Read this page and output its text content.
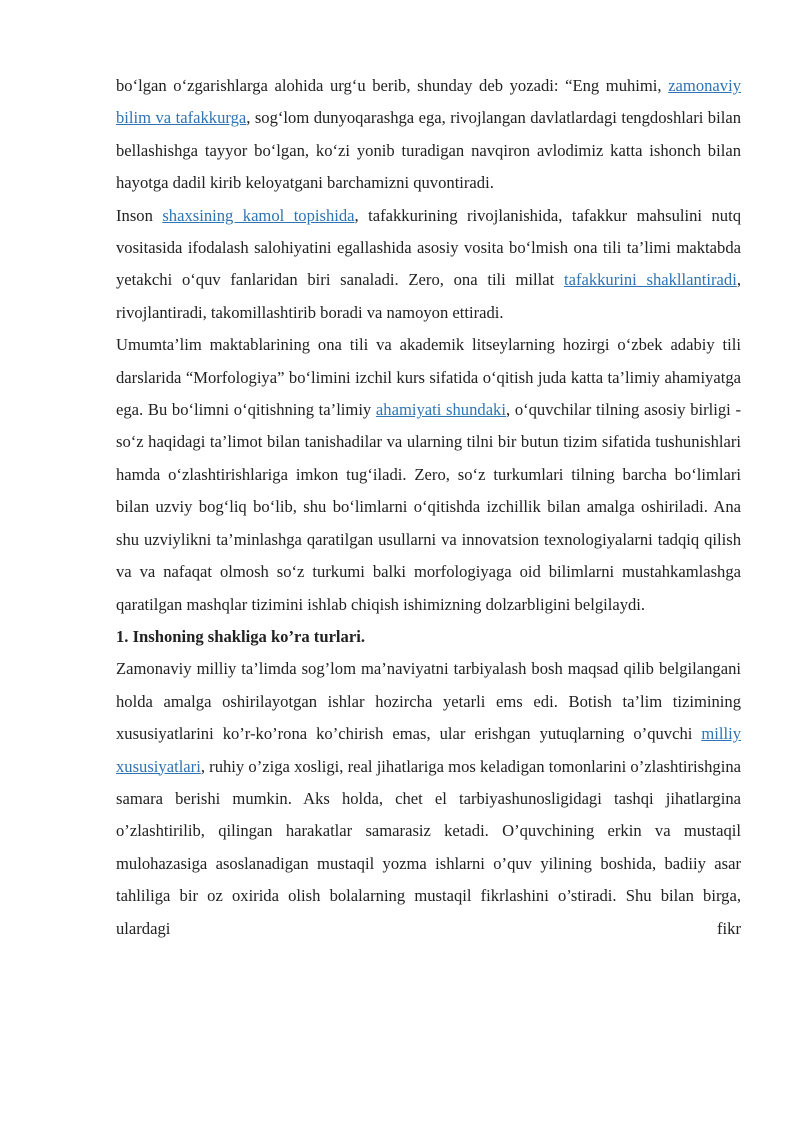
bo‘lgan o‘zgarishlarga alohida urg‘u berib, shunday deb yozadi: “Eng muhimi, zamonaviy bilim va tafakkurga, sog‘lom dunyoqarashga ega, rivojlangan davlatlardagi tengdoshlari bilan bellashishga tayyor bo‘lgan, ko‘zi yonib turadigan navqiron avlodimiz katta ishonch bilan hayotga dadil kirib keloyatgani barchamizni quvontiradi.

Inson shaxsining kamol topishida, tafakkurining rivojlanishida, tafakkur mahsulini nutq vositasida ifodalash salohiyatini egallashida asosiy vosita bo‘lmish ona tili ta’limi maktabda yetakchi o‘quv fanlaridan biri sanaladi. Zero, ona tili millat tafakkurini shakllantiradi, rivojlantiradi, takomillashtirib boradi va namoyon ettiradi.

Umumta’lim maktablarining ona tili va akademik litseylarning hozirgi o‘zbek adabiy tili darslarida “Morfologiya” bo‘limini izchil kurs sifatida o‘qitish juda katta ta’limiy ahamiyatga ega. Bu bo‘limni o‘qitishning ta’limiy ahamiyati shundaki, o‘quvchilar tilning asosiy birligi - so‘z haqidagi ta’limot bilan tanishadilar va ularning tilni bir butun tizim sifatida tushunishlari hamda o‘zlashtirishlariga imkon tug‘iladi. Zero, so‘z turkumlari tilning barcha bo‘limlari bilan uzviy bog‘liq bo‘lib, shu bo‘limlarni o‘qitishda izchillik bilan amalga oshiriladi. Ana shu uzviylikni ta’minlashga qaratilgan usullarni va innovatsion texnologiyalarni tadqiq qilish va va nafaqat olmosh so‘z turkumi balki morfologiyaga oid bilimlarni mustahkamlashga qaratilgan mashqlar tizimini ishlab chiqish ishimizning dolzarbligini belgilaydi.

1. Inshoning shakliga ko’ra turlari.

Zamonaviy milliy ta’limda sog’lom ma’naviyatni tarbiyalash bosh maqsad qilib belgilangani holda amalga oshirilayotgan ishlar hozircha yetarli ems edi. Botish ta’lim tizimining xususiyatlarini ko’r-ko’rona ko’chirish emas, ular erishgan yutuqlarning o’quvchi milliy xususiyatlari, ruhiy o’ziga xosligi, real jihatlariga mos keladigan tomonlarini o’zlashtirishgina samara berishi mumkin. Aks holda, chet el tarbiyashunosligidagi tashqi jihatlargina o’zlashtirilib, qilingan harakatlar samarasiz ketadi. O’quvchining erkin va mustaqil mulohazasiga asoslanadigan mustaqil yozma ishlarni o’quv yilining boshida, badiiy asar tahliliga bir oz oxirida olish bolalarning mustaqil fikrlashini o’stiradi. Shu bilan birga, ulardagi fikr
